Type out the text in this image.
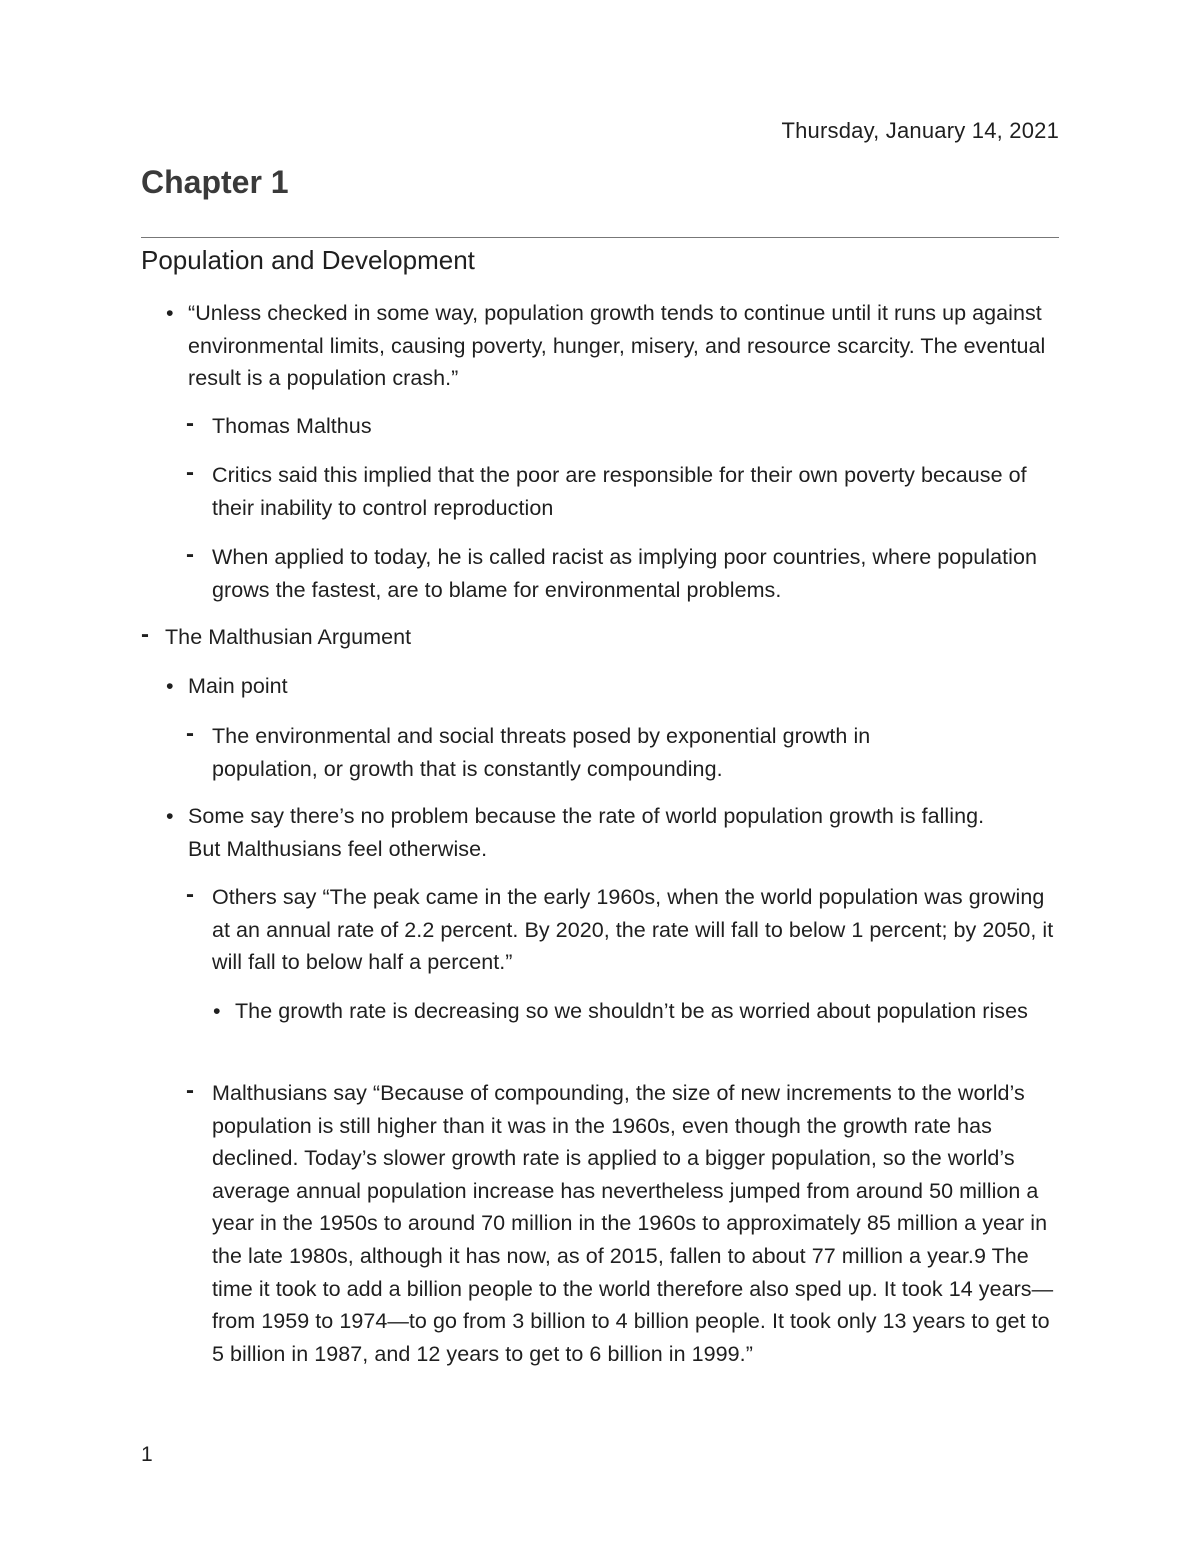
Thursday, January 14, 2021
Chapter 1
Population and Development
• “Unless checked in some way, population growth tends to continue until it runs up against environmental limits, causing poverty, hunger, misery, and resource scarcity. The eventual result is a population crash.”
- Thomas Malthus
- Critics said this implied that the poor are responsible for their own poverty because of their inability to control reproduction
- When applied to today, he is called racist as implying poor countries, where population grows the fastest, are to blame for environmental problems.
- The Malthusian Argument
• Main point
- The environmental and social threats posed by exponential growth in population, or growth that is constantly compounding.
• Some say there’s no problem because the rate of world population growth is falling. But Malthusians feel otherwise.
- Others say “The peak came in the early 1960s, when the world population was growing at an annual rate of 2.2 percent. By 2020, the rate will fall to below 1 percent; by 2050, it will fall to below half a percent.”
• The growth rate is decreasing so we shouldn’t be as worried about population rises
- Malthusians say “Because of compounding, the size of new increments to the world’s population is still higher than it was in the 1960s, even though the growth rate has declined. Today’s slower growth rate is applied to a bigger population, so the world’s average annual population increase has nevertheless jumped from around 50 million a year in the 1950s to around 70 million in the 1960s to approximately 85 million a year in the late 1980s, although it has now, as of 2015, fallen to about 77 million a year.9 The time it took to add a billion people to the world therefore also sped up. It took 14 years—from 1959 to 1974—to go from 3 billion to 4 billion people. It took only 13 years to get to 5 billion in 1987, and 12 years to get to 6 billion in 1999.”
1
